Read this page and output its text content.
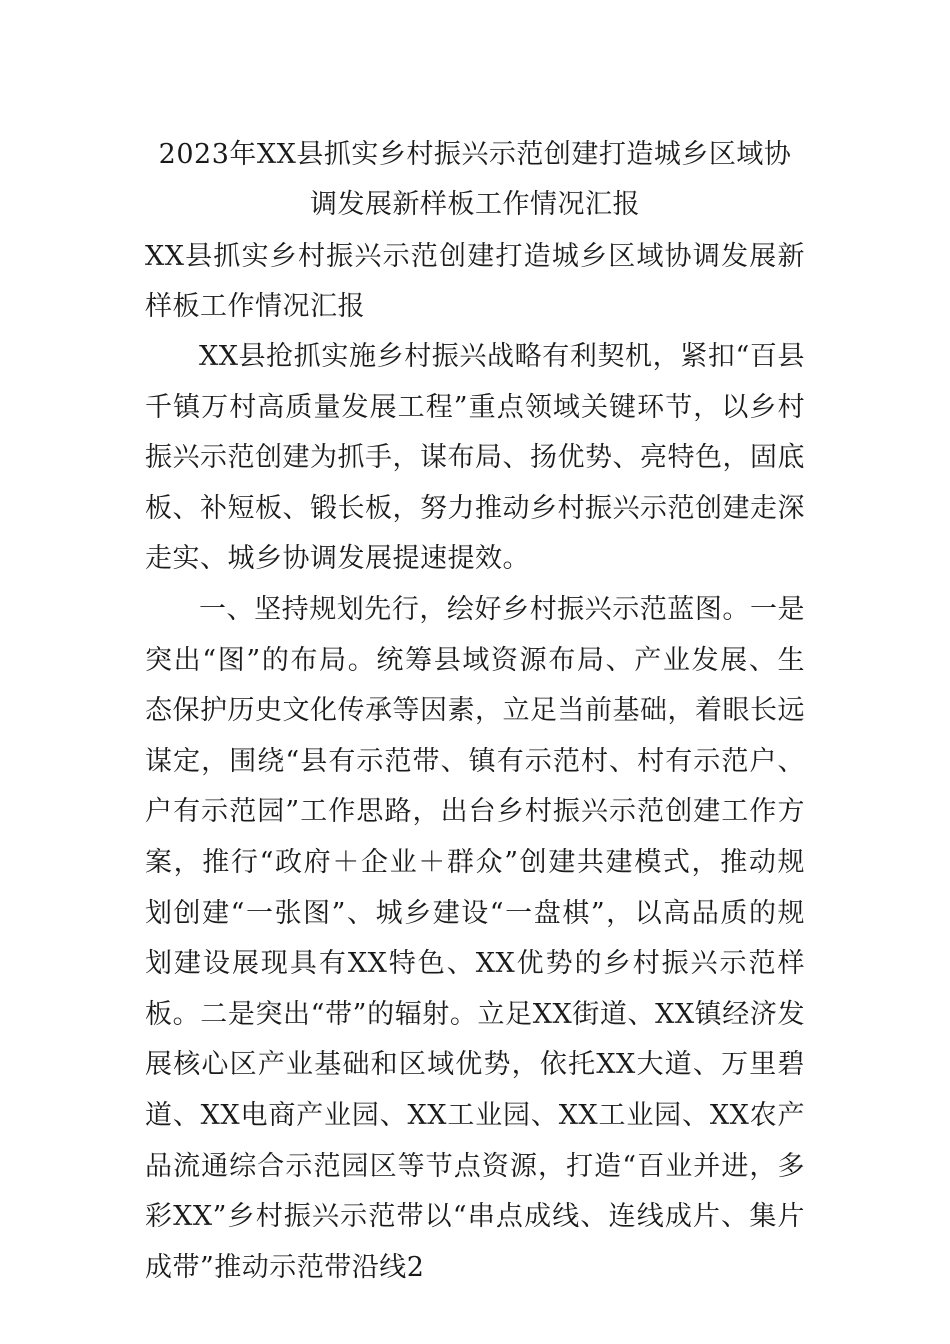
2023年XX县抓实乡村振兴示范创建打造城乡区域协调发展新样板工作情况汇报
XX县抓实乡村振兴示范创建打造城乡区域协调发展新样板工作情况汇报

XX县抢抓实施乡村振兴战略有利契机，紧扣“百县千镇万村高质量发展工程”重点领域关键环节，以乡村振兴示范创建为抓手，谋布局、扬优势、亮特色，固底板、补短板、锻长板，努力推动乡村振兴示范创建走深走实、城乡协调发展提速提效。

一、坚持规划先行，绘好乡村振兴示范蓝图。一是突出“图”的布局。统筹县域资源布局、产业发展、生态保护历史文化传承等因素，立足当前基础，着眼长远谋定，围绕“县有示范带、镇有示范村、村有示范户、户有示范园”工作思路，出台乡村振兴示范创建工作方案，推行“政府＋企业＋群众”创建共建模式，推动规划创建“一张图”、城乡建设“一盘棋”，以高品质的规划建设展现具有XX特色、XX优势的乡村振兴示范样板。二是突出“带”的辐射。立足XX街道、XX镇经济发展核心区产业基础和区域优势，依托XX大道、万里碧道、XX电商产业园、XX工业园、XX工业园、XX农产品流通综合示范园区等节点资源，打造“百业并进，多彩XX”乡村振兴示范带以“串点成线、连线成片、集片成带”推动示范带沿线2
